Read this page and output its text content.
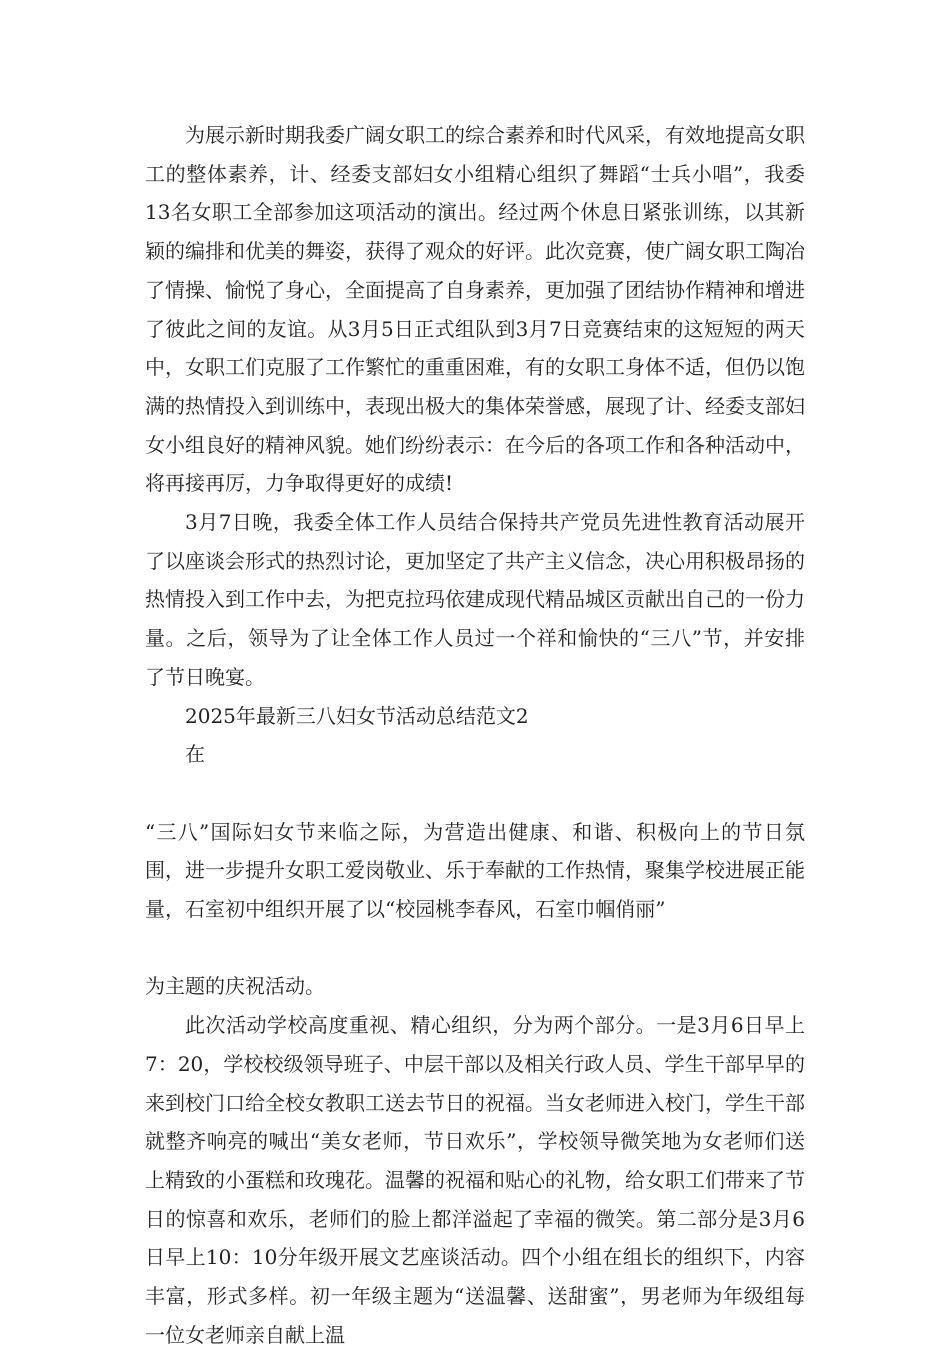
为展示新时期我委广阔女职工的综合素养和时代风采，有效地提高女职工的整体素养，计、经委支部妇女小组精心组织了舞蹈“士兵小唱”，我委13名女职工全部参加这项活动的演出。经过两个休息日紧张训练，以其新颖的编排和优美的舞姿，获得了观众的好评。此次竞赛，使广阔女职工陶冶了情操、愉悦了身心，全面提高了自身素养，更加强了团结协作精神和增进了彼此之间的友谊。从3月5日正式组队到3月7日竞赛结束的这短短的两天中，女职工们克服了工作繁忙的重重困难，有的女职工身体不适，但仍以饱满的热情投入到训练中，表现出极大的集体荣誉感，展现了计、经委支部妇女小组良好的精神风貌。她们纷纷表示：在今后的各项工作和各种活动中，将再接再厉，力争取得更好的成绩!

3月7日晚，我委全体工作人员结合保持共产党员先进性教育活动展开了以座谈会形式的热烈讨论，更加坚定了共产主义信念，决心用积极昂扬的热情投入到工作中去，为把克拉玛依建成现代精品城区贡献出自己的一份力量。之后，领导为了让全体工作人员过一个祥和愉快的“三八”节，并安排了节日晚宴。

2025年最新三八妇女节活动总结范文2

在

“三八”国际妇女节来临之际，为营造出健康、和谐、积极向上的节日氛围，进一步提升女职工爱岗敬业、乐于奉献的工作热情，聚集学校进展正能量，石室初中组织开展了以“校园桃李春风，石室巾帼俏丽”

为主题的庆祝活动。

此次活动学校高度重视、精心组织，分为两个部分。一是3月6日早上7：20，学校校级领导班子、中层干部以及相关行政人员、学生干部早早的来到校门口给全校女教职工送去节日的祝福。当女老师进入校门，学生干部就整齐响亮的喊出“美女老师，节日欢乐”，学校领导微笑地为女老师们送上精致的小蛋糕和玫瑰花。温馨的祝福和贴心的礼物，给女职工们带来了节日的惊喜和欢乐，老师们的脸上都洋溢起了幸福的微笑。第二部分是3月6日早上10：10分年级开展文艺座谈活动。四个小组在组长的组织下，内容丰富，形式多样。初一年级主题为“送温馨、送甜蜜”，男老师为年级组每一位女老师亲自献上温
